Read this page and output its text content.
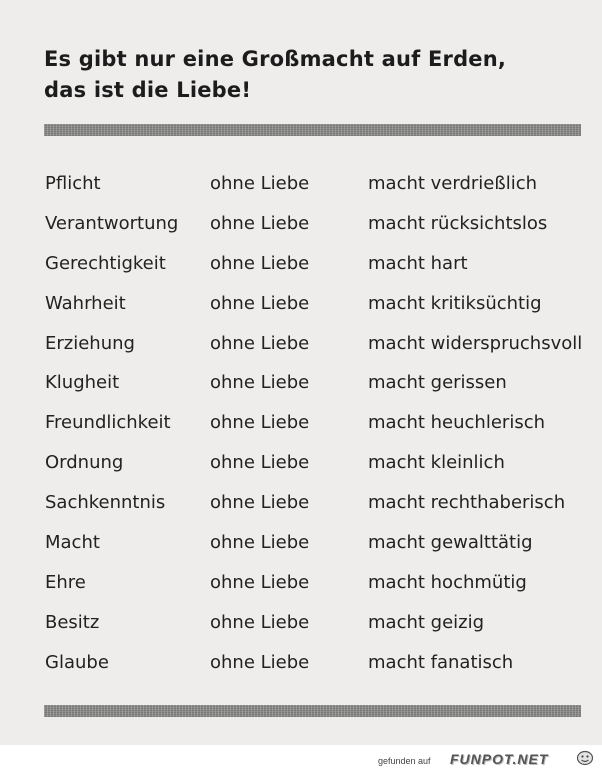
Es gibt nur eine Großmacht auf Erden,
das ist die Liebe!
Pflicht	ohne Liebe	macht verdrießlich
Verantwortung ohne Liebe	macht rücksichtslos
Gerechtigkeit ohne Liebe	macht hart
Wahrheit	ohne Liebe	macht kritiksüchtig
Erziehung	ohne Liebe	macht widerspruchsvoll
Klugheit	ohne Liebe	macht gerissen
Freundlichkeit ohne Liebe	macht heuchlerisch
Ordnung	ohne Liebe	macht kleinlich
Sachkenntnis ohne Liebe	macht rechthaberisch
Macht	ohne Liebe	macht gewalttätig
Ehre	ohne Liebe	macht hochmütig
Besitz	ohne Liebe	macht geizig
Glaube	ohne Liebe	macht fanatisch
gefunden auf FUNPOT.NET
